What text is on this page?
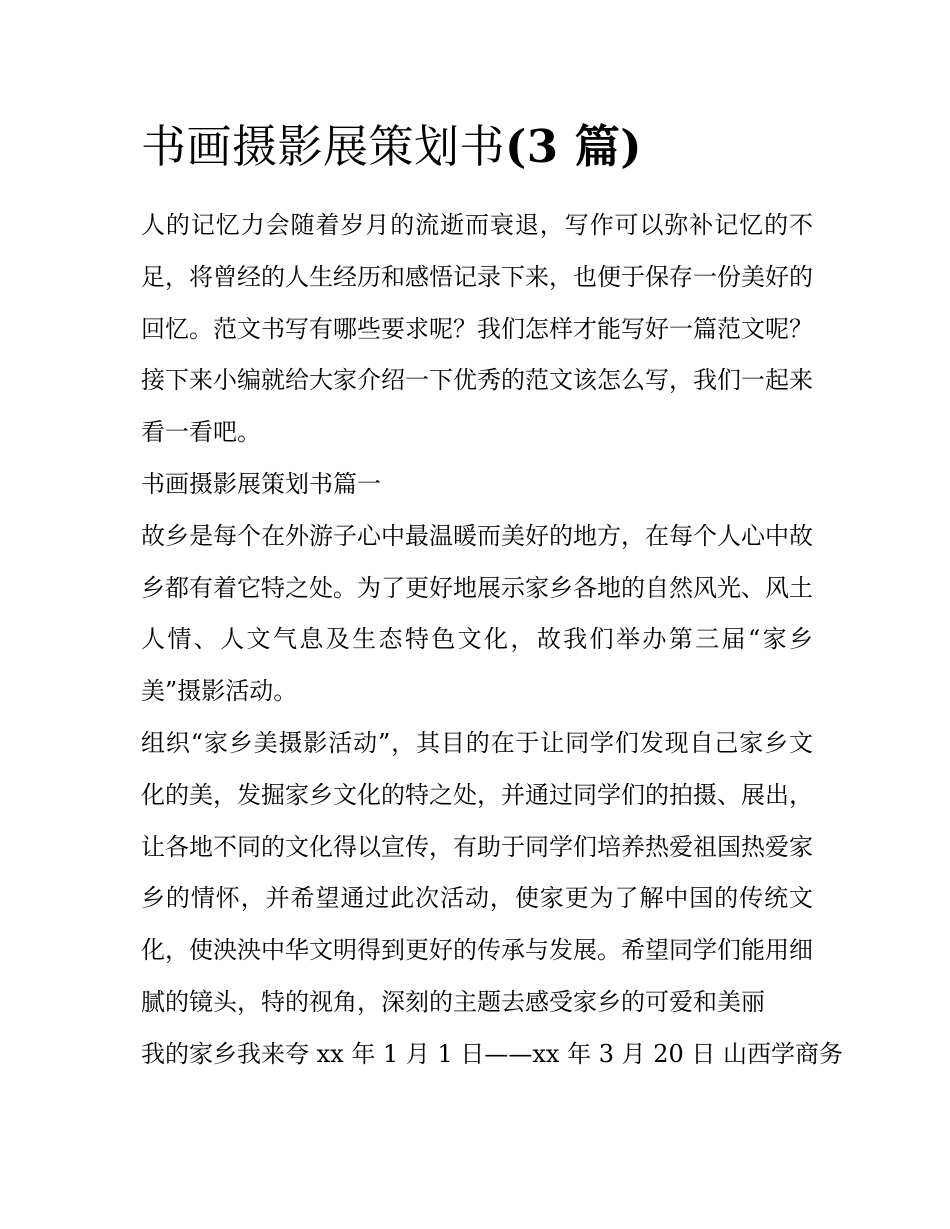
书画摄影展策划书(3 篇)

人的记忆力会随着岁月的流逝而衰退，写作可以弥补记忆的不足，将曾经的人生经历和感悟记录下来，也便于保存一份美好的回忆。范文书写有哪些要求呢？我们怎样才能写好一篇范文呢？接下来小编就给大家介绍一下优秀的范文该怎么写，我们一起来看一看吧。

书画摄影展策划书篇一

故乡是每个在外游子心中最温暖而美好的地方，在每个人心中故乡都有着它特之处。为了更好地展示家乡各地的自然风光、风土人情、人文气息及生态特色文化，故我们举办第三届“家乡美”摄影活动。

组织“家乡美摄影活动”，其目的在于让同学们发现自己家乡文化的美，发掘家乡文化的特之处，并通过同学们的拍摄、展出，让各地不同的文化得以宣传，有助于同学们培养热爱祖国热爱家乡的情怀，并希望通过此次活动，使家更为了解中国的传统文化，使泱泱中华文明得到更好的传承与发展。希望同学们能用细腻的镜头，特的视角，深刻的主题去感受家乡的可爱和美丽

我的家乡我来夸 xx 年 1 月 1 日——xx 年 3 月 20 日 山西学商务
